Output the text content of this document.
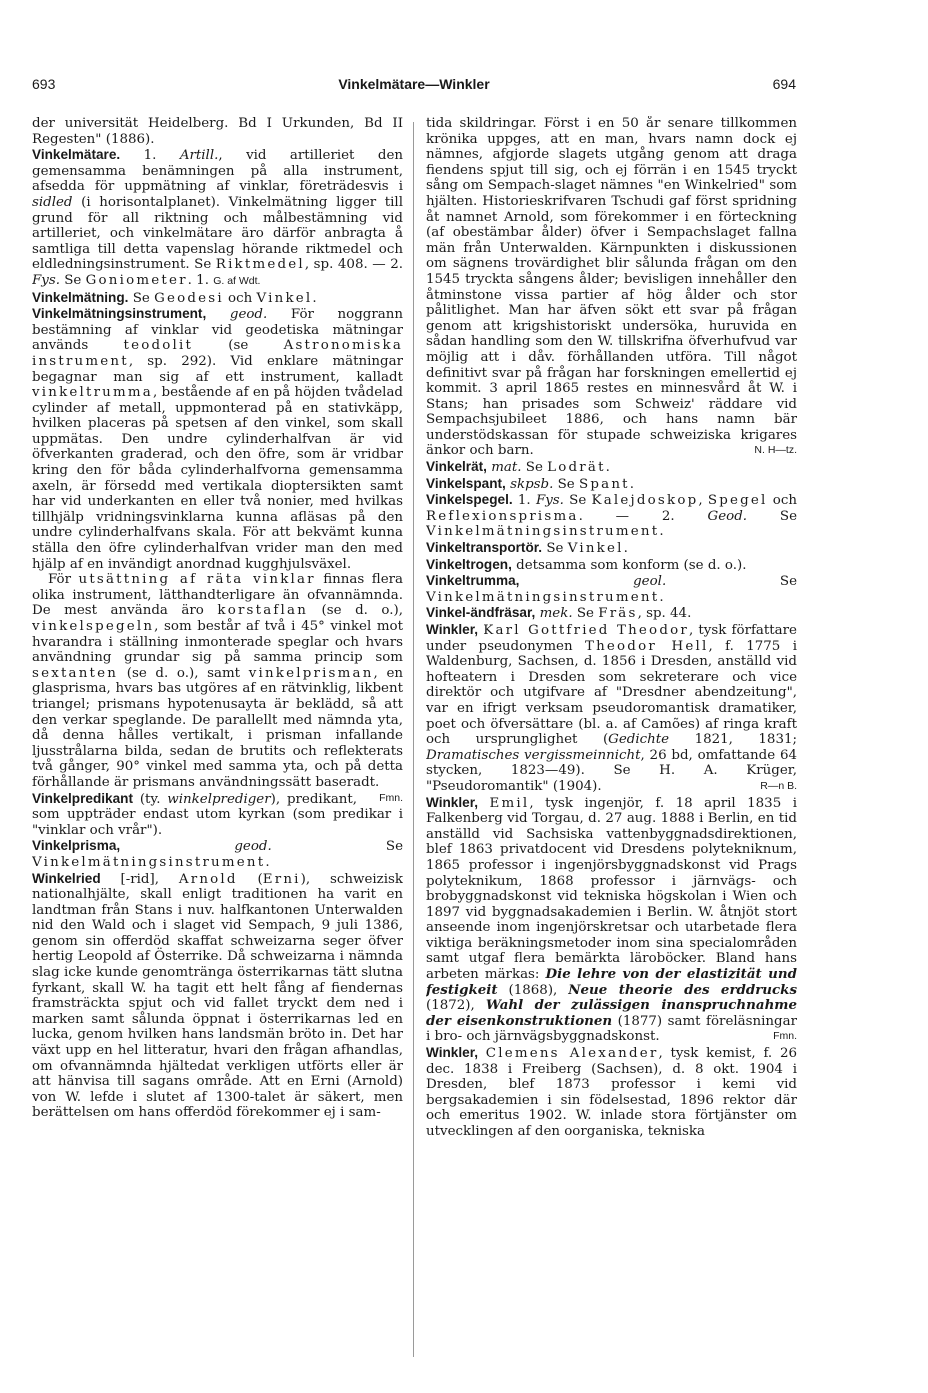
693	Vinkelmätare—Winkler	694

der universität Heidelberg. Bd I Urkunden, Bd II Regesten" (1886).

Vinkelmätare. 1. Artill., vid artilleriet den gemensamma benämningen på alla instrument, afsedda för uppmätning af vinklar, företrädesvis i sidled (i horisontalplanet). Vinkelmätning ligger till grund för all riktning och målbestämning vid artilleriet, och vinkelmätare äro därför anbragta å samtliga till detta vapenslag hörande riktmedel och eldledningsinstrument. Se Riktmedel, sp. 408. — 2. Fys. Se Goniometer. 1. G. af Wdt.

Vinkelmätning. Se Geodesi och Vinkel.

Vinkelmätningsinstrument, geod. För noggrann bestämning af vinklar vid geodetiska mätningar används teodolit (se Astronomiska instrument, sp. 292). Vid enklare mätningar begagnar man sig af ett instrument, kalladt vinkeltrumma, bestående af en på höjden tvådelad cylinder af metall, uppmonterad på en stativkäpp, hvilken placeras på spetsen af den vinkel, som skall uppmätas. Den undre cylinderhalfvan är vid öfverkanten graderad, och den öfre, som är vridbar kring den för båda cylinderhalfvorna gemensamma axeln, är försedd med vertikala dioptersikten samt har vid underkanten en eller två nonier, med hvilkas tillhjälp vridningsvinklarna kunna afläsas på den undre cylinderhalfvans skala. För att bekvämt kunna ställa den öfre cylinderhalfvan vrider man den med hjälp af en invändigt anordnad kugghjulsväxel.

För utsättning af räta vinklar finnas flera olika instrument, lätthandterligare än ofvannämnda. De mest använda äro korstaflan (se d. o.), vinkelspegeln, som består af två i 45° vinkel mot hvarandra i ställning inmonterade speglar och hvars användning grundar sig på samma princip som sextanten (se d. o.), samt vinkelprisman, en glasprisma, hvars bas utgöres af en rätvinklig, likbent triangel; prismans hypotenusayta är beklädd, så att den verkar speglande. De parallellt med nämnda yta, då denna hålles vertikalt, i prisman infallande ljusstrålarna bilda, sedan de brutits och reflekterats två gånger, 90° vinkel med samma yta, och på detta förhållande är prismans användningssätt baseradt.
Fmn.

Vinkelpredikant (ty. winkelprediger), predikant, som uppträder endast utom kyrkan (som predikar i "vinklar och vrår").

Vinkelprisma,	geod. Se Vinkelmätningsinstrument.

Winkelried [-rid], Arnold (Erni), schweizisk nationalhjälte, skall enligt traditionen ha varit en landtman från Stans i nuv. halfkantonen Unterwalden nid den Wald och i slaget vid Sempach, 9 juli 1386, genom sin offerdöd skaffat schweizarna seger öfver hertig Leopold af Österrike. Då schweizarna i nämnda slag icke kunde genomtränga österrikarnas tätt slutna fyrkant, skall W. ha tagit ett helt fång af fiendernas framsträckta spjut och vid fallet tryckt dem ned i marken samt sålunda öppnat i österrikarnas led en lucka, genom hvilken hans landsmän bröto in. Det har växt upp en hel litteratur, hvari den frågan afhandlas, om ofvannämnda hjältedat verkligen utförts eller är att hänvisa till sagans område. Att en Erni (Arnold) von W. lefde i slutet af 1300-talet är säkert, men berättelsen om hans offerdöd förekommer ej i sam-

tida skildringar. Först i en 50 år senare tillkommen krönika uppges, att en man, hvars namn dock ej nämnes, afgjorde slagets utgång genom att draga fiendens spjut till sig, och ej förrän i en 1545 tryckt sång om Sempach-slaget nämnes "en Winkelried" som hjälten. Historieskrifvaren Tschudi gaf först spridning åt namnet Arnold, som förekommer i en förteckning (af obestämbar ålder) öfver i Sempachslaget fallna män från Unterwalden. Kärnpunkten i diskussionen om sägnens trovärdighet blir sålunda frågan om den 1545 tryckta sångens ålder; bevisligen innehåller den åtminstone vissa partier af hög ålder och stor pålitlighet. Man har äfven sökt ett svar på frågan genom att krigshistoriskt undersöka, huruvida en sådan handling som den W. tillskrifna öfverhufvud var möjlig att i dåv. förhållanden utföra. Till något definitivt svar på frågan har forskningen emellertid ej kommit. 3 april 1865 restes en minnesvård åt W. i Stans; han prisades som Schweiz' räddare vid Sempachsjubileet 1886, och hans namn bär understödskassan för stupade schweiziska krigares änkor och barn.	N. H—tz.

Vinkelrät, mat. Se Lodrät.

Vinkelspant, skpsb. Se Spant.

Vinkelspegel. 1. Fys. Se Kalejdoskop, Spegel och Reflexionsprisma. — 2. Geod. Se Vinkelmätningsinstrument.

Vinkeltransportör. Se Vinkel.

Vinkeltrogen, detsamma som konform (se d. o.).

Vinkeltrumma,	geol. Se Vinkelmätningsinstrument.

Vinkel-ändfräsar, mek. Se Fräs, sp. 44.

Winkler, Karl Gottfried Theodor, tysk författare under pseudonymen Theodor Hell, f. 1775 i Waldenburg, Sachsen, d. 1856 i Dresden, anställd vid hofteatern i Dresden som sekreterare och vice direktör och utgifvare af "Dresdner abendzeitung", var en ifrigt verksam pseudoromantisk dramatiker, poet och öfversättare (bl. a. af Camões) af ringa kraft och ursprunglighet (Gedichte 1821, 1831; Dramatisches vergissmeinnicht, 26 bd, omfattande 64 stycken, 1823—49). Se H. A. Krüger, "Pseudoromantik" (1904).	R—n B.

Winkler, Emil, tysk ingenjör, f. 18 april 1835 i Falkenberg vid Torgau, d. 27 aug. 1888 i Berlin, en tid anställd vid Sachsiska vattenbyggnadsdirektionen, blef 1863 privatdocent vid Dresdens polytekniknum, 1865 professor i ingenjörsbyggnadskonst vid Prags polyteknikum, 1868 professor i järnvägs- och brobyggnadskonst vid tekniska högskolan i Wien och 1897 vid byggnadsakademien i Berlin. W. åtnjöt stort anseende inom ingenjörskretsar och utarbetade flera viktiga beräkningsmetoder inom sina specialområden samt utgaf flera bemärkta läroböcker. Bland hans arbeten märkas: Die lehre von der elastizität und festigkeit (1868), Neue theorie des erddrucks (1872), Wahl der zulässigen inanspruchnahme der eisenkonstruktionen (1877) samt föreläsningar i bro- och järnvägsbyggnadskonst.	Fmn.

Winkler, Clemens Alexander, tysk kemist, f. 26 dec. 1838 i Freiberg (Sachsen), d. 8 okt. 1904 i Dresden, blef 1873 professor i kemi vid bergsakademien i sin födelsestad, 1896 rektor där och emeritus 1902. W. inlade stora förtjänster om utvecklingen af den oorganiska, tekniska
